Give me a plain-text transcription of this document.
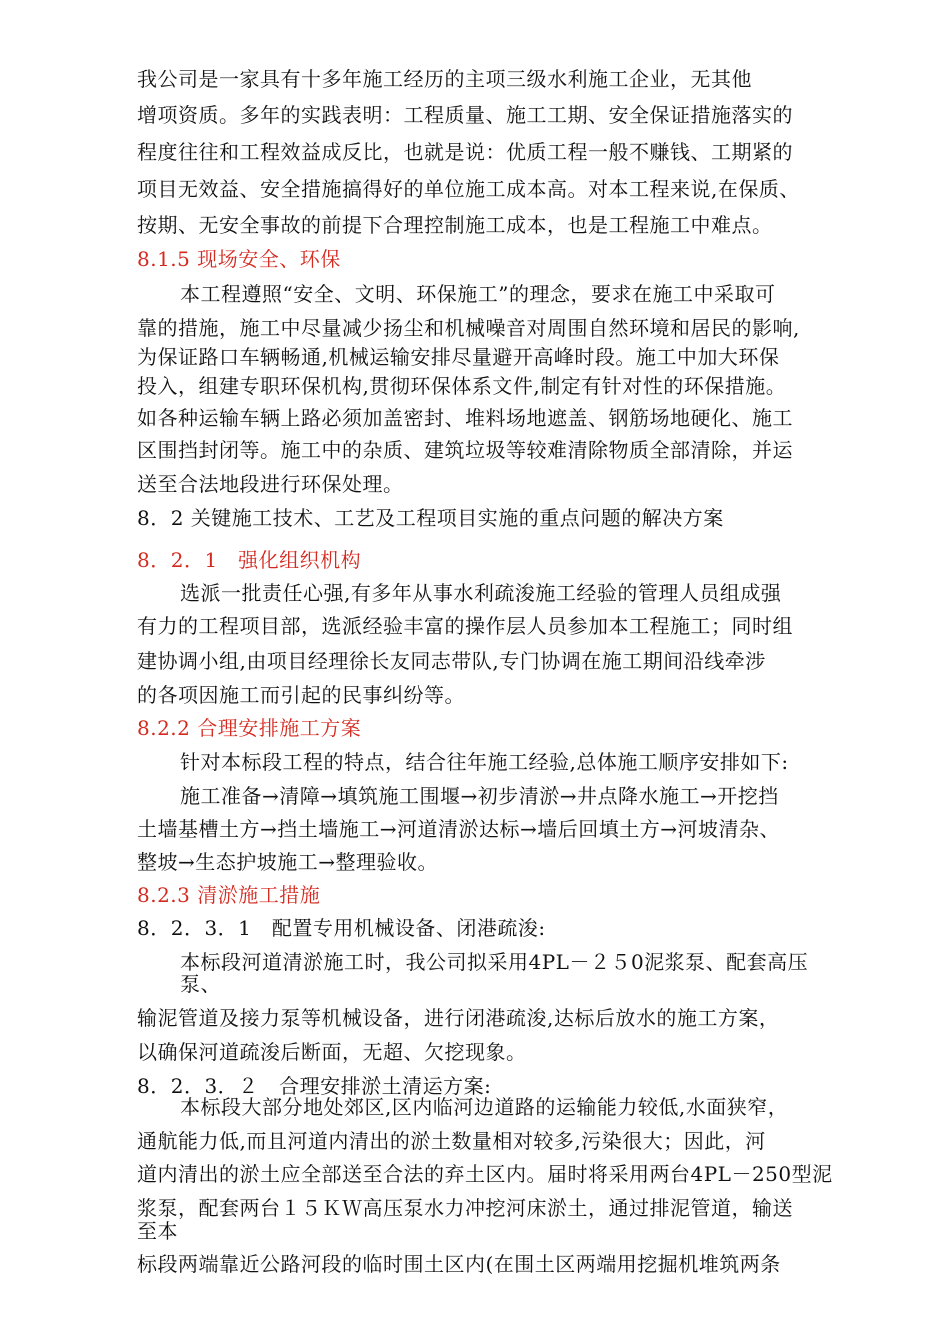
我公司是一家具有十多年施工经历的主项三级水利施工企业，无其他
增项资质。多年的实践表明：工程质量、施工工期、安全保证措施落实的
程度往往和工程效益成反比，也就是说：优质工程一般不赚钱、工期紧的
项目无效益、安全措施搞得好的单位施工成本高。对本工程来说,在保质、
按期、无安全事故的前提下合理控制施工成本，也是工程施工中难点。
8.1.5 现场安全、环保
本工程遵照“安全、文明、环保施工”的理念，要求在施工中采取可
靠的措施，施工中尽量减少扬尘和机械噪音对周围自然环境和居民的影响,
为保证路口车辆畅通,机械运输安排尽量避开高峰时段。施工中加大环保
投入，组建专职环保机构,贯彻环保体系文件,制定有针对性的环保措施。
如各种运输车辆上路必须加盖密封、堆料场地遮盖、钢筋场地硬化、施工
区围挡封闭等。施工中的杂质、建筑垃圾等较难清除物质全部清除，并运
送至合法地段进行环保处理。
8．2 关键施工技术、工艺及工程项目实施的重点问题的解决方案
8．2．1　强化组织机构
选派一批责任心强,有多年从事水利疏浚施工经验的管理人员组成强
有力的工程项目部，选派经验丰富的操作层人员参加本工程施工；同时组
建协调小组,由项目经理徐长友同志带队,专门协调在施工期间沿线牵涉
的各项因施工而引起的民事纠纷等。
8.2.2 合理安排施工方案
针对本标段工程的特点，结合往年施工经验,总体施工顺序安排如下:
施工准备→清障→填筑施工围堰→初步清淤→井点降水施工→开挖挡
土墙基槽土方→挡土墙施工→河道清淤达标→墙后回填土方→河坡清杂、
整坡→生态护坡施工→整理验收。
8.2.3 清淤施工措施
8．2．3．1　配置专用机械设备、闭港疏浚:
本标段河道清淤施工时，我公司拟采用4PL－２５0泥浆泵、配套高压
泵、
输泥管道及接力泵等机械设备，进行闭港疏浚,达标后放水的施工方案，
以确保河道疏浚后断面，无超、欠挖现象。
8．2．3．２　合理安排淤土清运方案:
本标段大部分地处郊区,区内临河边道路的运输能力较低,水面狭窄，
通航能力低,而且河道内清出的淤土数量相对较多,污染很大；因此，河
道内清出的淤土应全部送至合法的弃土区内。届时将采用两台4PL－250型泥
浆泵，配套两台１５ＫＷ高压泵水力冲挖河床淤土，通过排泥管道，输送
至本
标段两端靠近公路河段的临时围土区内(在围土区两端用挖掘机堆筑两条
